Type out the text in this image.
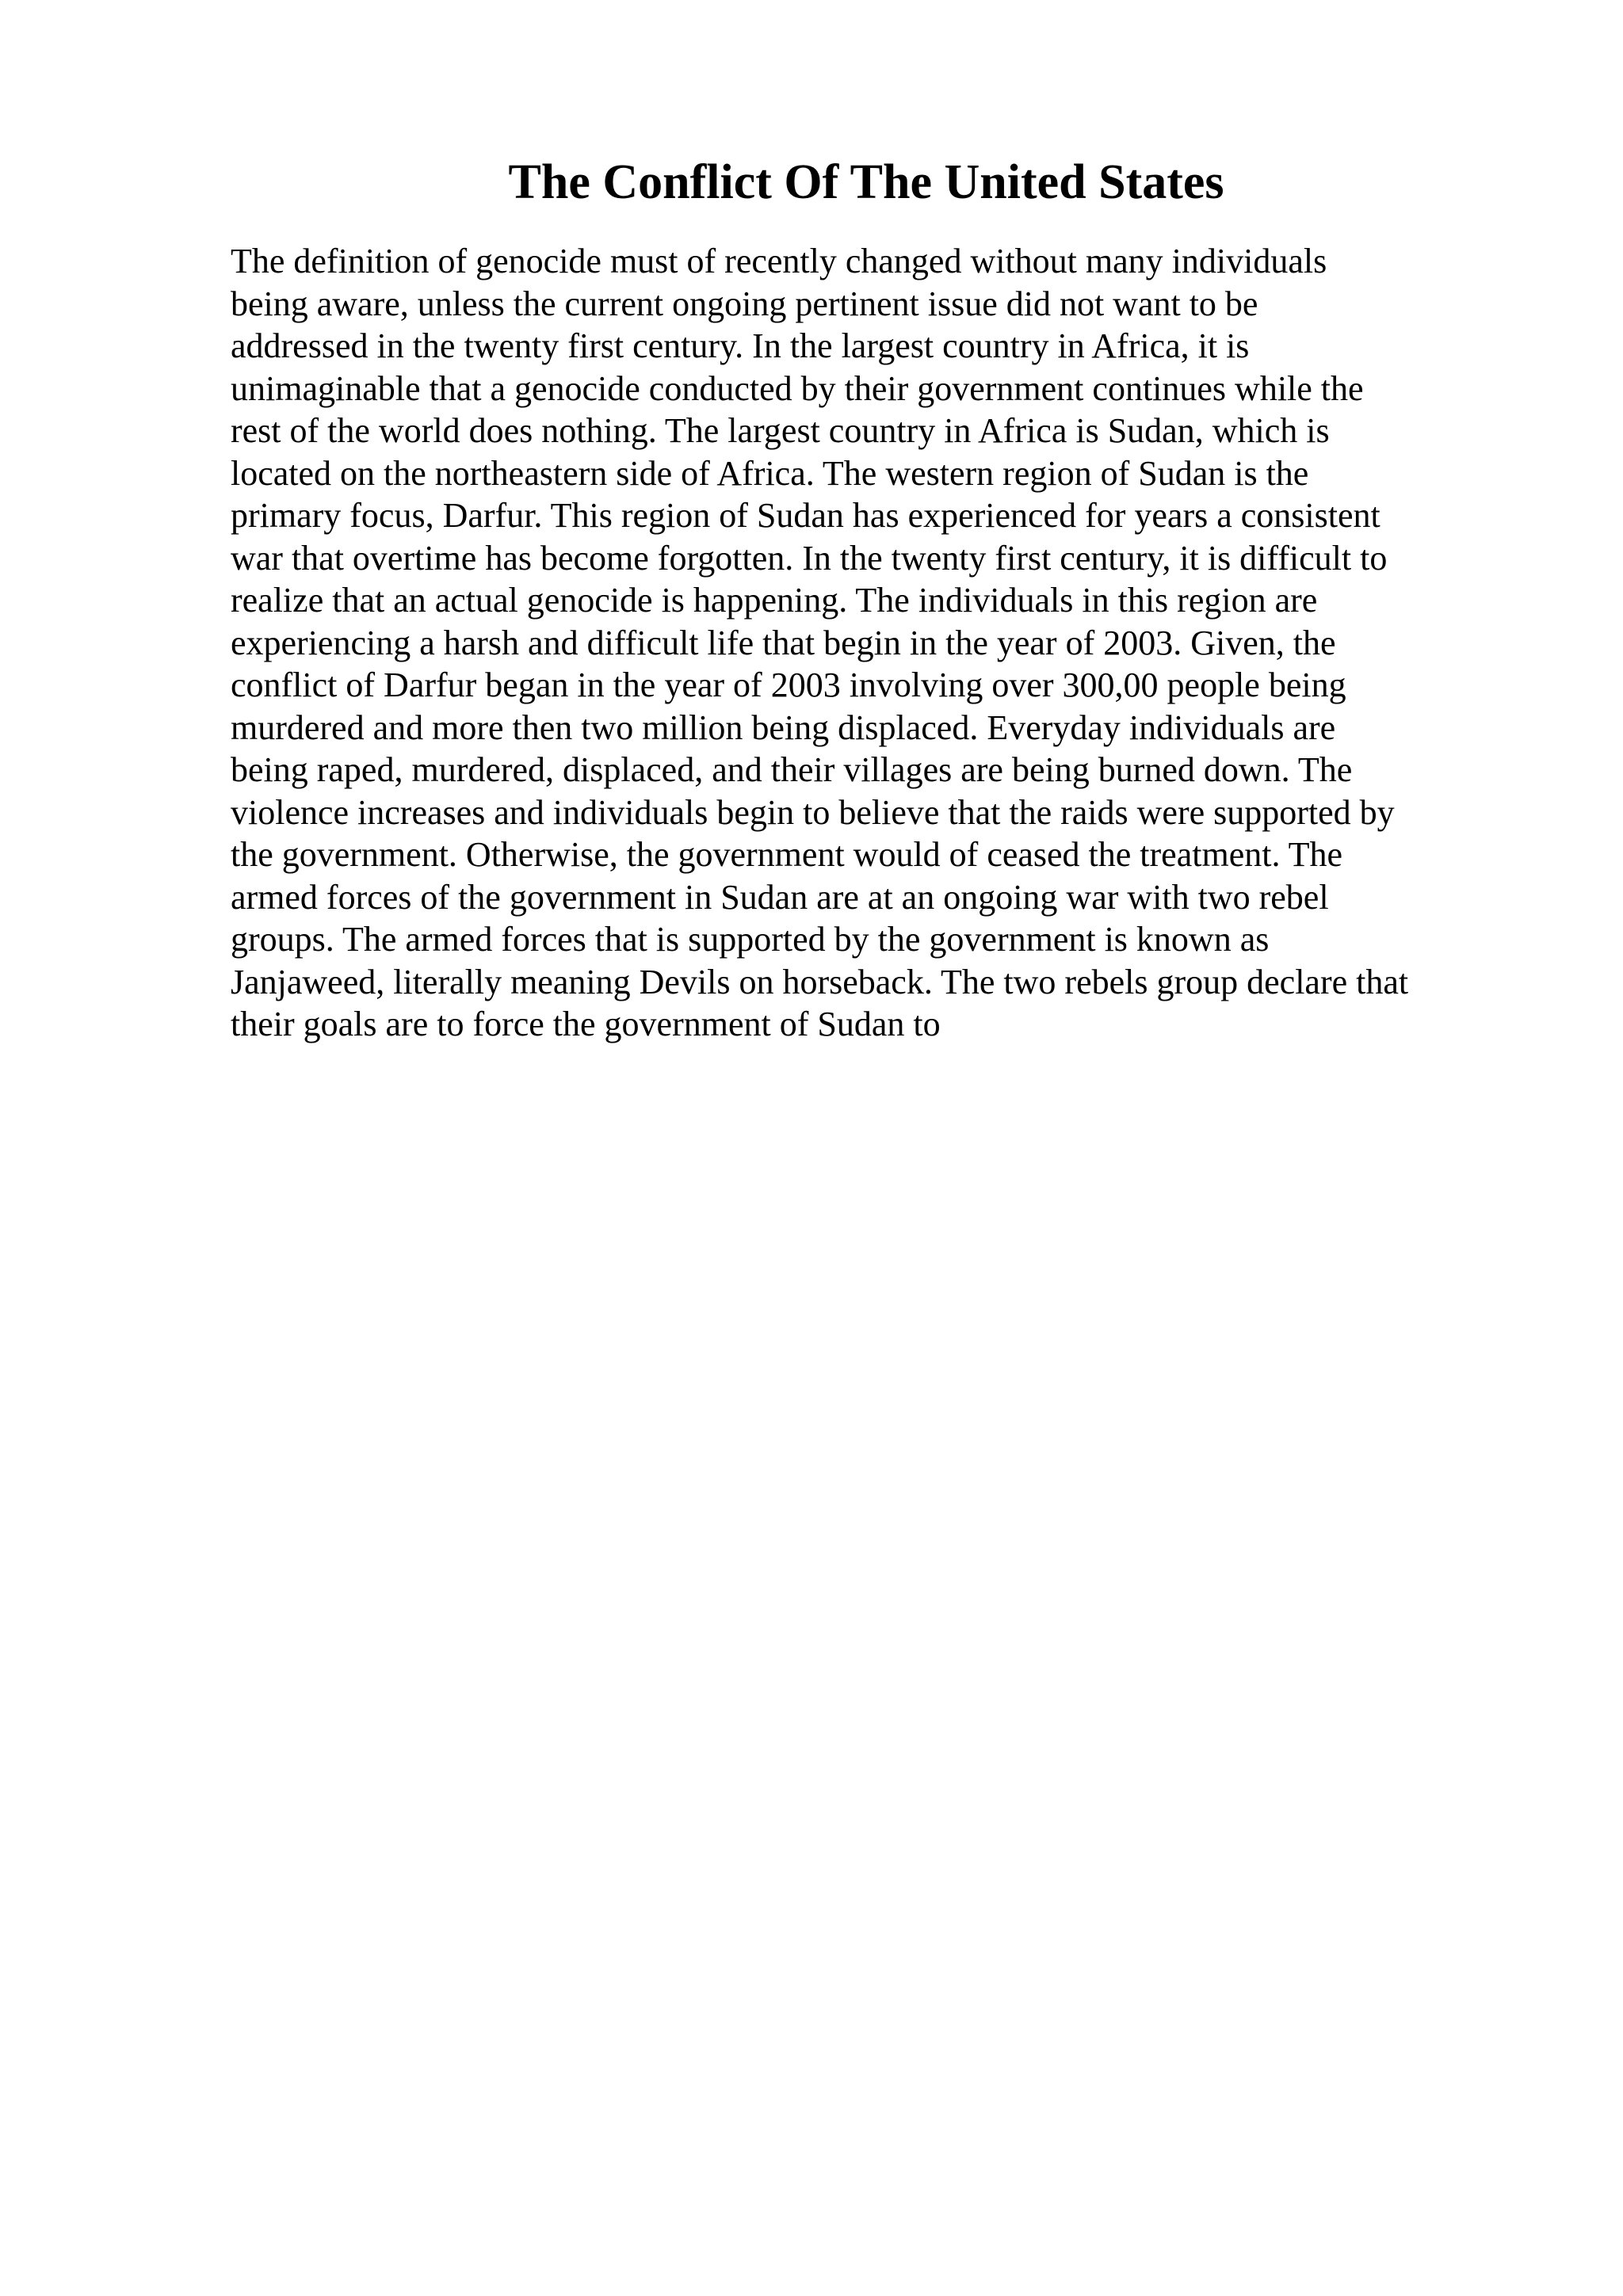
The Conflict Of The United States
The definition of genocide must of recently changed without many individuals
being aware, unless the current ongoing pertinent issue did not want to be
addressed in the twenty first century. In the largest country in Africa, it is
unimaginable that a genocide conducted by their government continues while the
rest of the world does nothing. The largest country in Africa is Sudan, which is
located on the northeastern side of Africa. The western region of Sudan is the
primary focus, Darfur. This region of Sudan has experienced for years a consistent
war that overtime has become forgotten. In the twenty first century, it is difficult to
realize that an actual genocide is happening. The individuals in this region are
experiencing a harsh and difficult life that begin in the year of 2003. Given, the
conflict of Darfur began in the year of 2003 involving over 300,00 people being
murdered and more then two million being displaced. Everyday individuals are
being raped, murdered, displaced, and their villages are being burned down. The
violence increases and individuals begin to believe that the raids were supported by
the government. Otherwise, the government would of ceased the treatment. The
armed forces of the government in Sudan are at an ongoing war with two rebel
groups. The armed forces that is supported by the government is known as
Janjaweed, literally meaning Devils on horseback. The two rebels group declare that
their goals are to force the government of Sudan to
